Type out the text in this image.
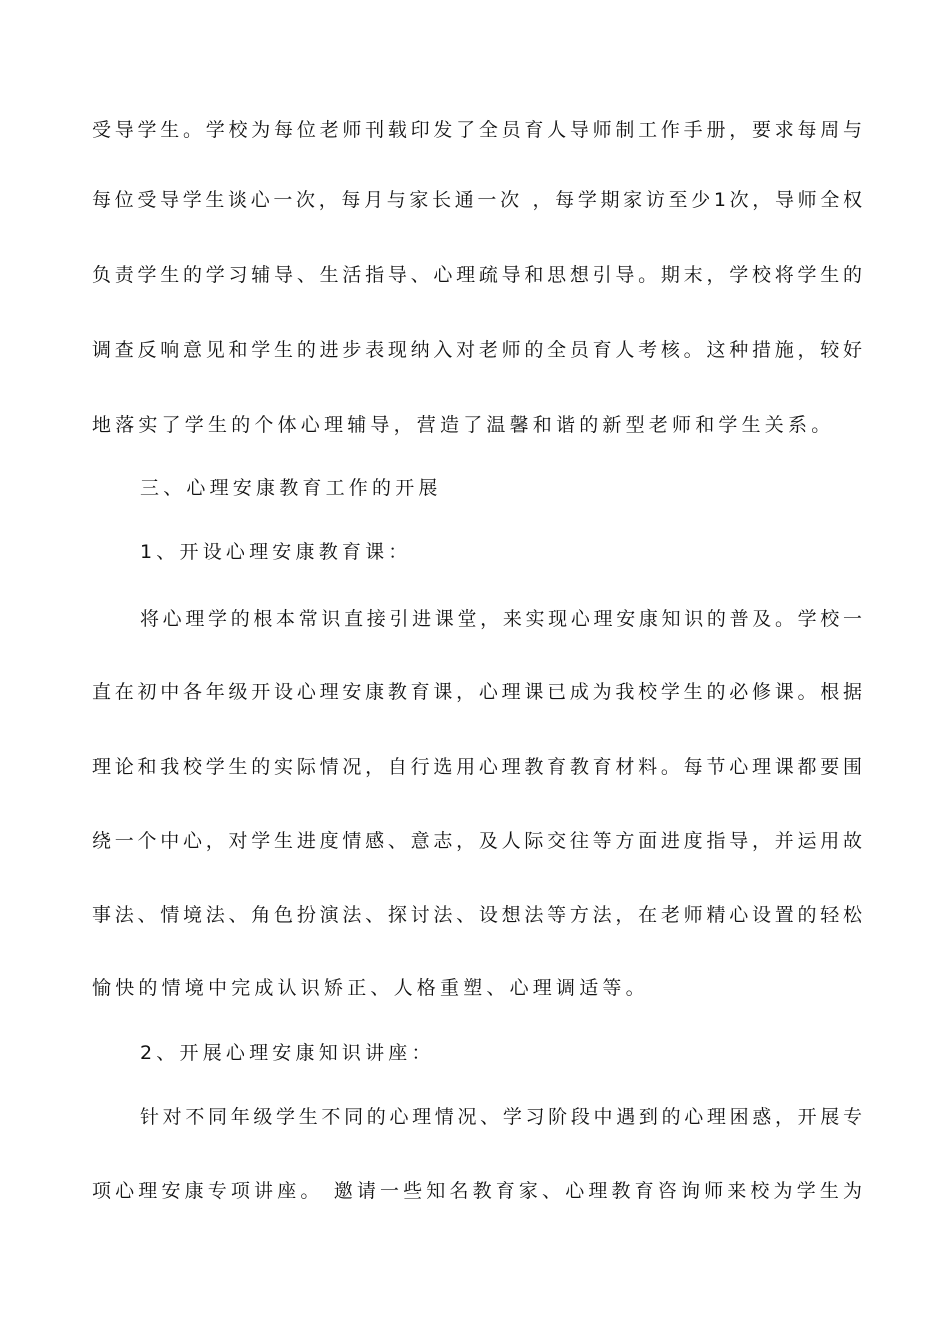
受导学生。学校为每位老师刊载印发了全员育人导师制工作手册，要求每周与
每位受导学生谈心一次，每月与家长通一次 ，每学期家访至少1次，导师全权
负责学生的学习辅导、生活指导、心理疏导和思想引导。期末，学校将学生的
调查反响意见和学生的进步表现纳入对老师的全员育人考核。这种措施，较好
地落实了学生的个体心理辅导，营造了温馨和谐的新型老师和学生关系。
三、心理安康教育工作的开展
1、开设心理安康教育课：
将心理学的根本常识直接引进课堂，来实现心理安康知识的普及。学校一
直在初中各年级开设心理安康教育课，心理课已成为我校学生的必修课。根据
理论和我校学生的实际情况，自行选用心理教育教育材料。每节心理课都要围
绕一个中心，对学生进度情感、意志，及人际交往等方面进度指导，并运用故
事法、情境法、角色扮演法、探讨法、设想法等方法，在老师精心设置的轻松
愉快的情境中完成认识矫正、人格重塑、心理调适等。
2、开展心理安康知识讲座：
针对不同年级学生不同的心理情况、学习阶段中遇到的心理困惑，开展专
项心理安康专项讲座。 邀请一些知名教育家、心理教育咨询师来校为学生为
